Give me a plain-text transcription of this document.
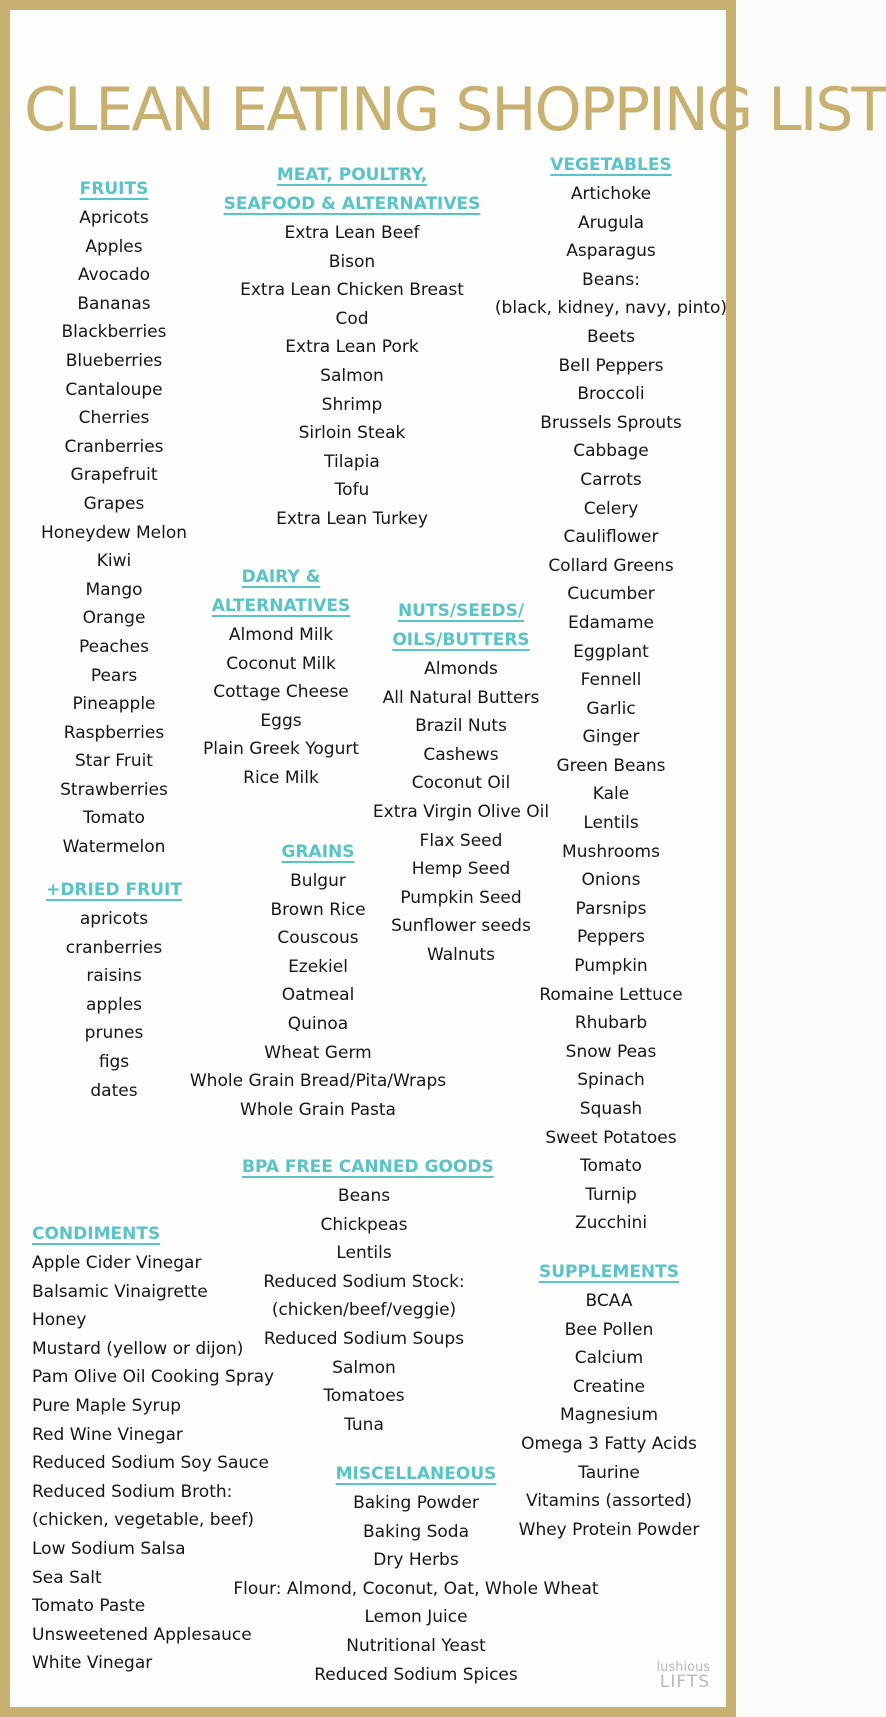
CLEAN EATING SHOPPING LIST
FRUITS
Apricots
Apples
Avocado
Bananas
Blackberries
Blueberries
Cantaloupe
Cherries
Cranberries
Grapefruit
Grapes
Honeydew Melon
Kiwi
Mango
Orange
Peaches
Pears
Pineapple
Raspberries
Star Fruit
Strawberries
Tomato
Watermelon
+DRIED FRUIT
apricots
cranberries
raisins
apples
prunes
figs
dates
MEAT, POULTRY,
SEAFOOD & ALTERNATIVES
Extra Lean Beef
Bison
Extra Lean Chicken Breast
Cod
Extra Lean Pork
Salmon
Shrimp
Sirloin Steak
Tilapia
Tofu
Extra Lean Turkey
VEGETABLES
Artichoke
Arugula
Asparagus
Beans:
(black, kidney, navy, pinto)
Beets
Bell Peppers
Broccoli
Brussels Sprouts
Cabbage
Carrots
Celery
Cauliflower
Collard Greens
Cucumber
Edamame
Eggplant
Fennell
Garlic
Ginger
Green Beans
Kale
Lentils
Mushrooms
Onions
Parsnips
Peppers
Pumpkin
Romaine Lettuce
Rhubarb
Snow Peas
Spinach
Squash
Sweet Potatoes
Tomato
Turnip
Zucchini
DAIRY &
ALTERNATIVES
Almond Milk
Coconut Milk
Cottage Cheese
Eggs
Plain Greek Yogurt
Rice Milk
NUTS/SEEDS/
OILS/BUTTERS
Almonds
All Natural Butters
Brazil Nuts
Cashews
Coconut Oil
Extra Virgin Olive Oil
Flax Seed
Hemp Seed
Pumpkin Seed
Sunflower seeds
Walnuts
GRAINS
Bulgur
Brown Rice
Couscous
Ezekiel
Oatmeal
Quinoa
Wheat Germ
Whole Grain Bread/Pita/Wraps
Whole Grain Pasta
BPA FREE CANNED GOODS
Beans
Chickpeas
Lentils
Reduced Sodium Stock:
(chicken/beef/veggie)
Reduced Sodium Soups
Salmon
Tomatoes
Tuna
CONDIMENTS
Apple Cider Vinegar
Balsamic Vinaigrette
Honey
Mustard (yellow or dijon)
Pam Olive Oil Cooking Spray
Pure Maple Syrup
Red Wine Vinegar
Reduced Sodium Soy Sauce
Reduced Sodium Broth:
(chicken, vegetable, beef)
Low Sodium Salsa
Sea Salt
Tomato Paste
Unsweetened Applesauce
White Vinegar
SUPPLEMENTS
BCAA
Bee Pollen
Calcium
Creatine
Magnesium
Omega 3 Fatty Acids
Taurine
Vitamins (assorted)
Whey Protein Powder
MISCELLANEOUS
Baking Powder
Baking Soda
Dry Herbs
Flour: Almond, Coconut, Oat, Whole Wheat
Lemon Juice
Nutritional Yeast
Reduced Sodium Spices	lushious
LIFTS
